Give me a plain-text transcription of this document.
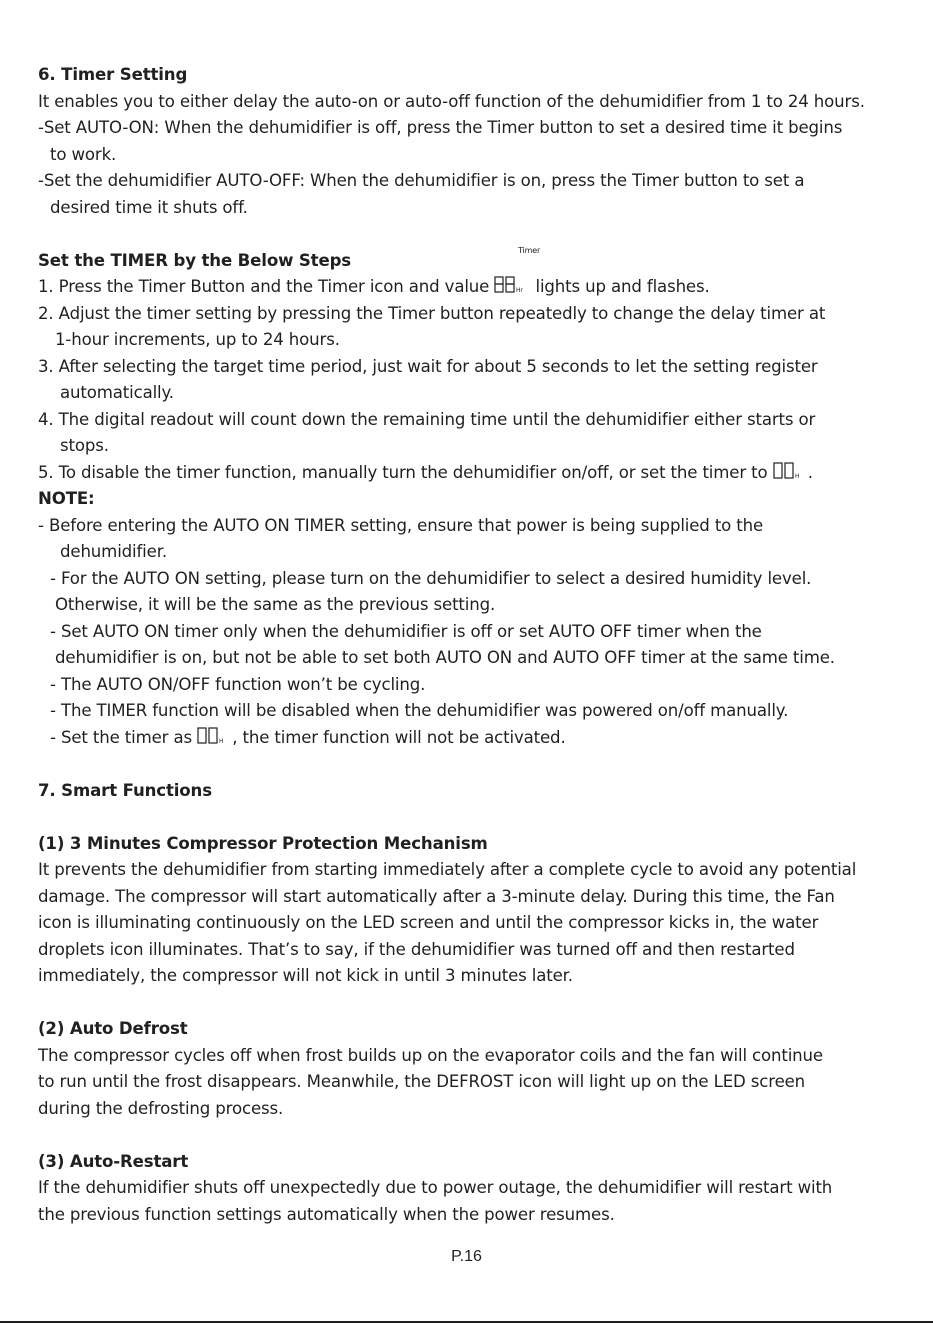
6. Timer Setting

It enables you to either delay the auto-on or auto-off function of the dehumidifier from 1 to 24 hours.

-Set AUTO-ON: When the dehumidifier is off, press the Timer button to set a desired time it begins

to work.

-Set the dehumidifier AUTO-OFF: When the dehumidifier is on, press the Timer button to set a

desired time it shuts off.

Set the TIMER by the Below Steps
Timer

1. Press the Timer Button and the Timer icon and value	Hr lights up and flashes.

2. Adjust the timer setting by pressing the Timer button repeatedly to change the delay timer at

1-hour increments, up to 24 hours.

3. After selecting the target time period, just wait for about 5 seconds to let the setting register

automatically.

4. The digital readout will count down the remaining time until the dehumidifier either starts or

stops.

5. To disable the timer function, manually turn the dehumidifier on/off, or set the timer to	H .

NOTE:

- Before entering the AUTO ON TIMER setting, ensure that power is being supplied to the

dehumidifier.

- For the AUTO ON setting, please turn on the dehumidifier to select a desired humidity level.

Otherwise, it will be the same as the previous setting.

- Set AUTO ON timer only when the dehumidifier is off or set AUTO OFF timer when the

dehumidifier is on, but not be able to set both AUTO ON and AUTO OFF timer at the same time.

- The AUTO ON/OFF function won’t be cycling.

- The TIMER function will be disabled when the dehumidifier was powered on/off manually.

- Set the timer as	H , the timer function will not be activated.

7. Smart Functions

(1) 3 Minutes Compressor Protection Mechanism

It prevents the dehumidifier from starting immediately after a complete cycle to avoid any potential

damage. The compressor will start automatically after a 3-minute delay. During this time, the Fan

icon is illuminating continuously on the LED screen and until the compressor kicks in, the water

droplets icon illuminates. That’s to say, if the dehumidifier was turned off and then restarted

immediately, the compressor will not kick in until 3 minutes later.

(2) Auto Defrost

The compressor cycles off when frost builds up on the evaporator coils and the fan will continue

to run until the frost disappears. Meanwhile, the DEFROST icon will light up on the LED screen

during the defrosting process.

(3) Auto-Restart

If the dehumidifier shuts off unexpectedly due to power outage, the dehumidifier will restart with

the previous function settings automatically when the power resumes.

P.16
